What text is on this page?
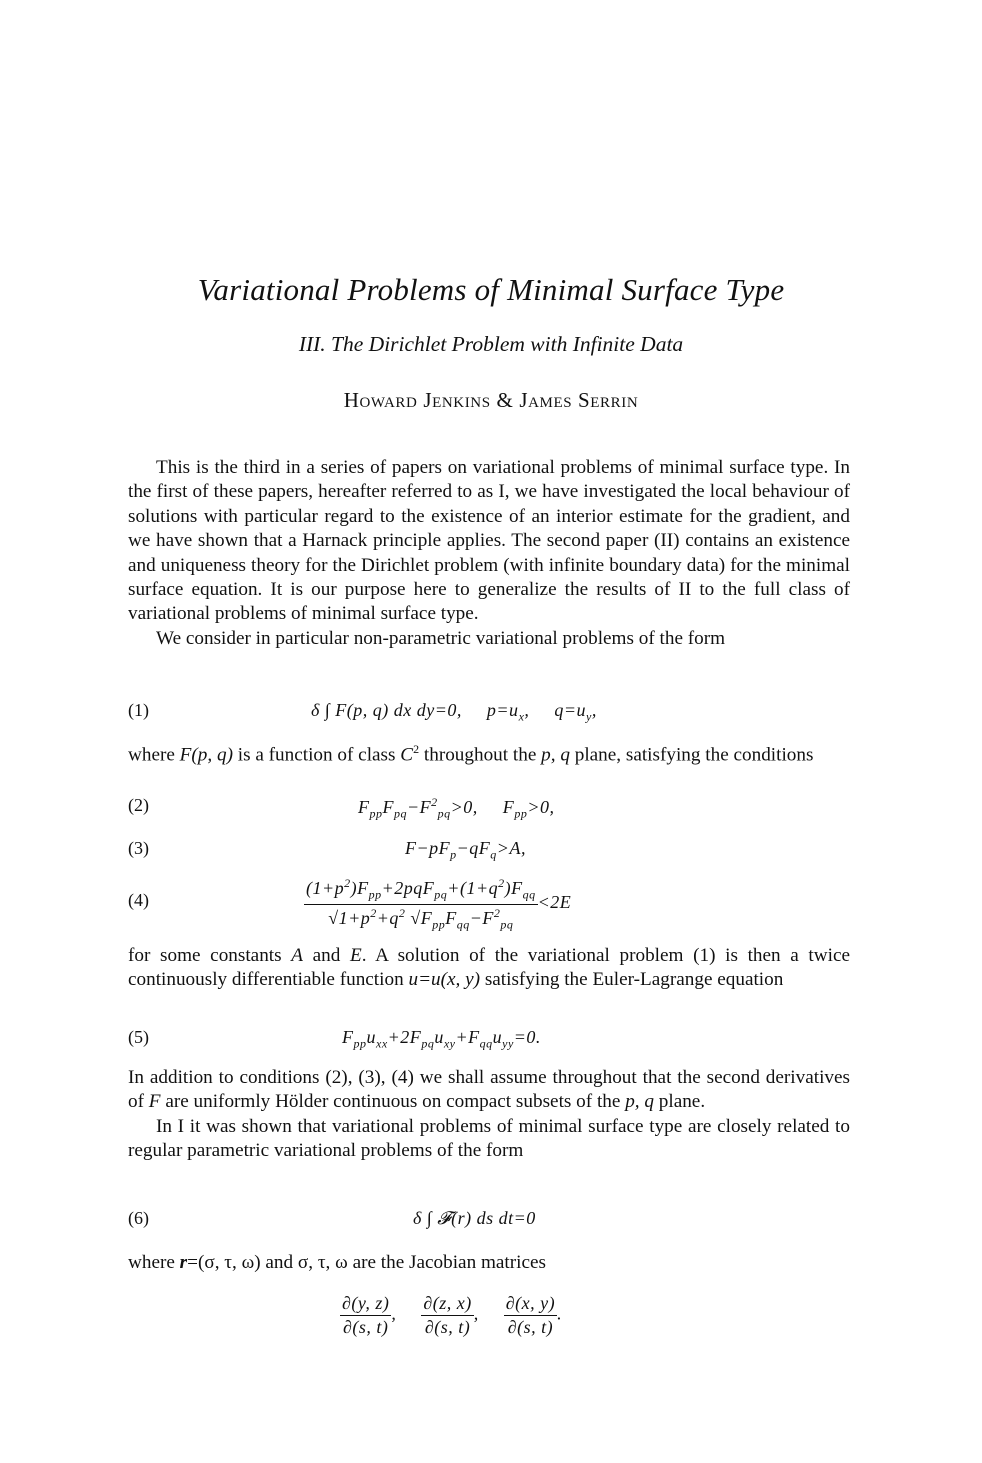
Variational Problems of Minimal Surface Type
III. The Dirichlet Problem with Infinite Data
Howard Jenkins & James Serrin

This is the third in a series of papers on variational problems of minimal surface type. In the first of these papers, hereafter referred to as I, we have investigated the local behaviour of solutions with particular regard to the existence of an interior estimate for the gradient, and we have shown that a Harnack principle applies. The second paper (II) contains an existence and uniqueness theory for the Dirichlet problem (with infinite boundary data) for the minimal surface equation. It is our purpose here to generalize the results of II to the full class of variational problems of minimal surface type.

We consider in particular non-parametric variational problems of the form

(1)	δ ∫ F(p, q) dx dy=0,     $p=u_x$,     $q=u_y$,

where F(p, q) is a function of class $C^2$ throughout the p, q plane, satisfying the conditions

(2)	$F_{pp}F_{pq}-F^2_{pq}>0$,     $F_{pp}>0$,
(3)	$F-pF_p-qF_q>A$,
(4)	$\frac{(1+p^2)F_{pp}+2pqF_{pq}+(1+q^2)F_{qq}}{√1+p^2+q^2 √F_{pp}F_{qq}-F^2_{pq}} <2E$

for some constants A and E. A solution of the variational problem (1) is then a twice continuously differentiable function u=u(x, y) satisfying the Euler-Lagrange equation

(5)	$F_{pp}u_{xx}+2F_{pq}u_{xy}+F_{qq}u_{yy}=0$.

In addition to conditions (2), (3), (4) we shall assume throughout that the second derivatives of F are uniformly Hölder continuous on compact subsets of the p, q plane.

In I it was shown that variational problems of minimal surface type are closely related to regular parametric variational problems of the form

(6)	δ ∫ 𝓕(r) ds dt=0

where r=(σ, τ, ω) and σ, τ, ω are the Jacobian matrices

$\frac{\partial(y, z)}{\partial(s, t)}$ , $\frac{\partial(z, x)}{\partial(s, t)}$ , $\frac{\partial(x, y)}{\partial(s, t)}$ .
